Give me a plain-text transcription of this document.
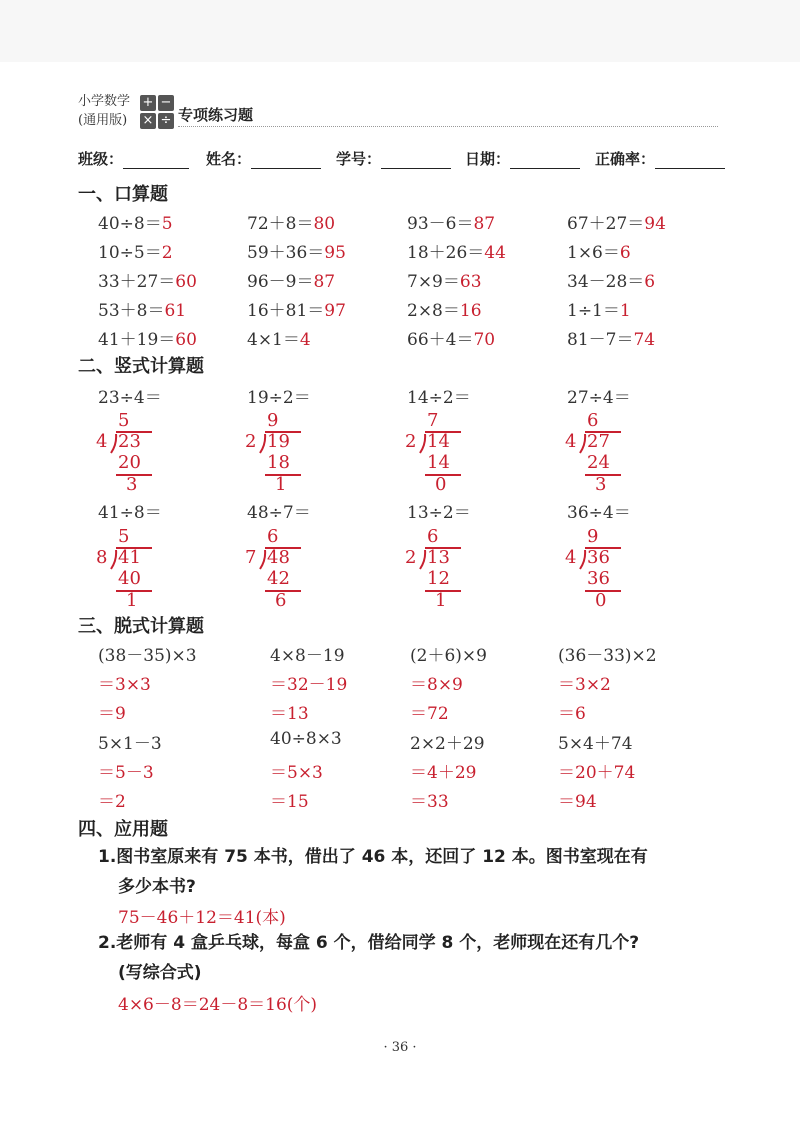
小学数学
(通用版)
+ −
× ÷ 专项练习题
班级：	姓名：	学号：	日期：	正确率：
一、口算题
40÷8＝5	72＋8＝80	93－6＝87	67＋27＝94
10÷5＝2	59＋36＝95	18＋26＝44	1×6＝6
33＋27＝60	96－9＝87	7×9＝63	34－28＝6
53＋8＝61	16＋81＝97	2×8＝16	1÷1＝1
41＋19＝60	4×1＝4	66＋4＝70	81－7＝74
二、竖式计算题
23÷4＝
5
4 23
20
3
19÷2＝
9
2 19
18
1
14÷2＝
7
2 14
14
0
27÷4＝
6
4 27
24
3
41÷8＝
5
8 41
40
1
48÷7＝
6
7 48
42
6
13÷2＝
6
2 13
12
1
36÷4＝
9
4 36
36
0
三、脱式计算题
(38－35)×3
＝3×3
＝9
4×8－19
＝32－19
＝13
(2＋6)×9
＝8×9
＝72
(36－33)×2
＝3×2
＝6
5×1－3
＝5－3
＝2
40÷8×3
＝5×3
＝15
2×2＋29
＝4＋29
＝33
5×4＋74
＝20＋74
＝94
四、应用题
1.图书室原来有 75 本书，借出了 46 本，还回了 12 本。图书室现在有
多少本书?
75－46＋12＝41(本)
2.老师有 4 盒乒乓球，每盒 6 个，借给同学 8 个，老师现在还有几个?
(写综合式)
4×6－8＝24－8＝16(个)
· 36 ·
